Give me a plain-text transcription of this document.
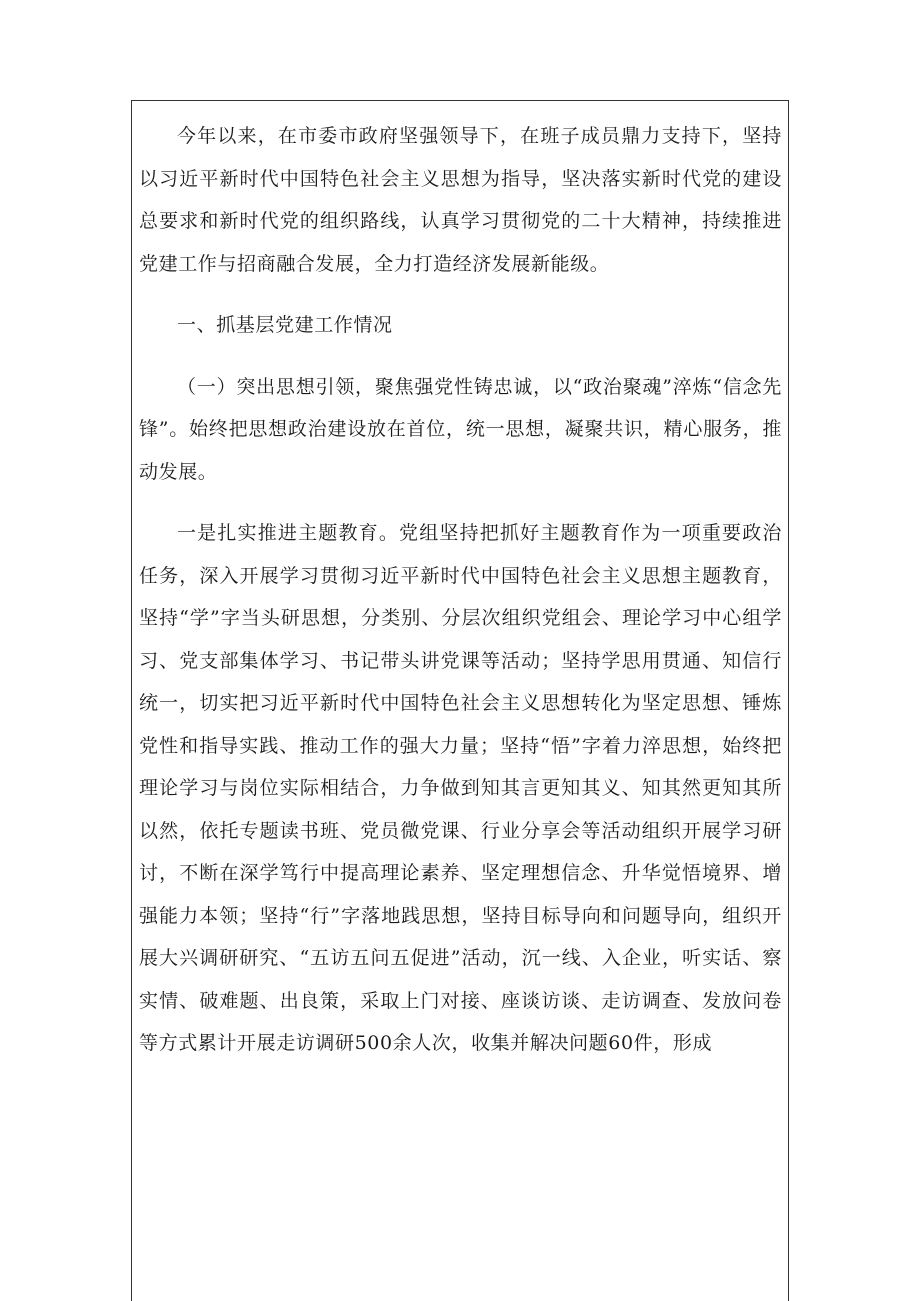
今年以来，在市委市政府坚强领导下，在班子成员鼎力支持下，坚持以习近平新时代中国特色社会主义思想为指导，坚决落实新时代党的建设总要求和新时代党的组织路线，认真学习贯彻党的二十大精神，持续推进党建工作与招商融合发展，全力打造经济发展新能级。

一、抓基层党建工作情况

（一）突出思想引领，聚焦强党性铸忠诚，以“政治聚魂”淬炼“信念先锋”。始终把思想政治建设放在首位，统一思想，凝聚共识，精心服务，推动发展。

一是扎实推进主题教育。党组坚持把抓好主题教育作为一项重要政治任务，深入开展学习贯彻习近平新时代中国特色社会主义思想主题教育，坚持“学”字当头研思想，分类别、分层次组织党组会、理论学习中心组学习、党支部集体学习、书记带头讲党课等活动；坚持学思用贯通、知信行统一，切实把习近平新时代中国特色社会主义思想转化为坚定思想、锤炼党性和指导实践、推动工作的强大力量；坚持“悟”字着力淬思想，始终把理论学习与岗位实际相结合，力争做到知其言更知其义、知其然更知其所以然，依托专题读书班、党员微党课、行业分享会等活动组织开展学习研讨，不断在深学笃行中提高理论素养、坚定理想信念、升华觉悟境界、增强能力本领；坚持“行”字落地践思想，坚持目标导向和问题导向，组织开展大兴调研研究、“五访五问五促进”活动，沉一线、入企业，听实话、察实情、破难题、出良策，采取上门对接、座谈访谈、走访调查、发放问卷等方式累计开展走访调研500余人次，收集并解决问题60件，形成
